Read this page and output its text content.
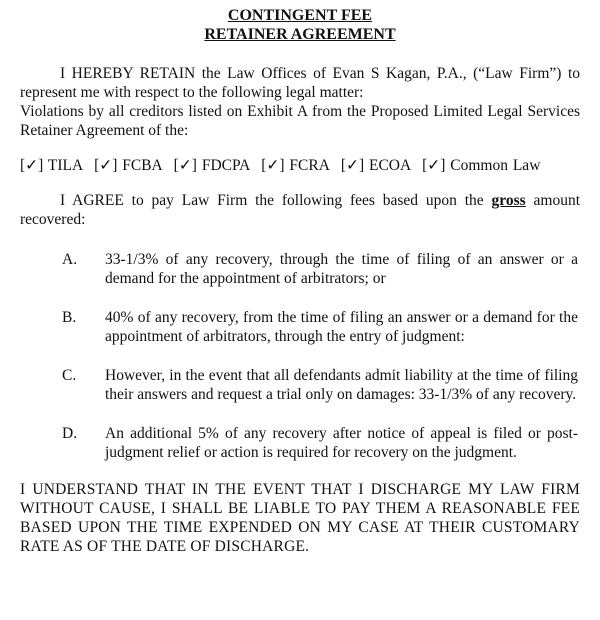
CONTINGENT FEE
RETAINER AGREEMENT
I HEREBY RETAIN the Law Offices of Evan S Kagan, P.A., (“Law Firm”) to represent me with respect to the following legal matter:
Violations by all creditors listed on Exhibit A from the Proposed Limited Legal Services Retainer Agreement of the:
[✓] TILA [✓] FCBA [✓] FDCPA [✓] FCRA [✓] ECOA [✓] Common Law
I AGREE to pay Law Firm the following fees based upon the gross amount recovered:
A.	33-1/3% of any recovery, through the time of filing of an answer or a demand for the appointment of arbitrators; or
B.	40% of any recovery, from the time of filing an answer or a demand for the appointment of arbitrators, through the entry of judgment:
C.	However, in the event that all defendants admit liability at the time of filing their answers and request a trial only on damages: 33-1/3% of any recovery.
D.	An additional 5% of any recovery after notice of appeal is filed or post-judgment relief or action is required for recovery on the judgment.
I UNDERSTAND THAT IN THE EVENT THAT I DISCHARGE MY LAW FIRM WITHOUT CAUSE, I SHALL BE LIABLE TO PAY THEM A REASONABLE FEE BASED UPON THE TIME EXPENDED ON MY CASE AT THEIR CUSTOMARY RATE AS OF THE DATE OF DISCHARGE.
